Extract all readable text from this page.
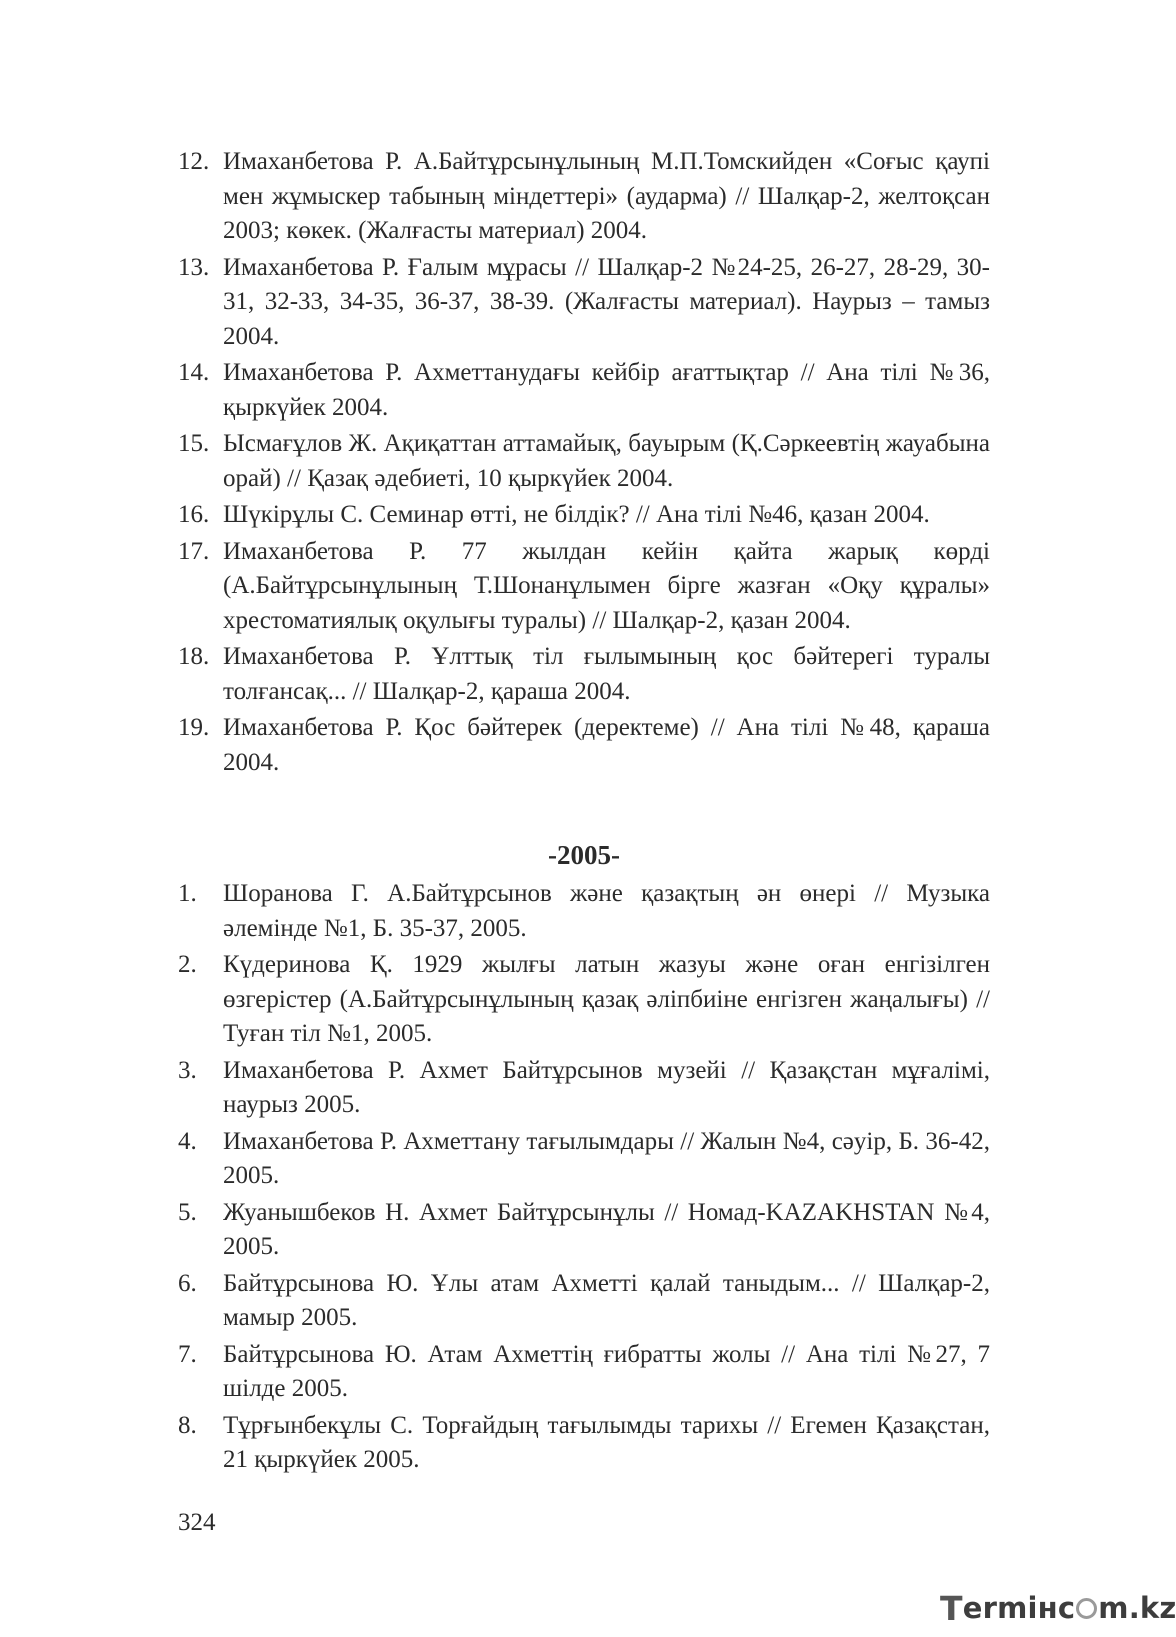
12. Имаханбетова Р. А.Байтұрсынұлының М.П.Томскийден «Соғыс қаупі мен жұмыскер табының міндеттері» (аударма) // Шалқар-2, желтоқсан 2003; көкек. (Жалғасты материал) 2004.
13. Имаханбетова Р. Ғалым мұрасы // Шалқар-2 №24-25, 26-27, 28-29, 30-31, 32-33, 34-35, 36-37, 38-39. (Жалғасты материал). Наурыз – тамыз 2004.
14. Имаханбетова Р. Ахметтанудағы кейбір ағаттықтар // Ана тілі №36, қыркүйек 2004.
15. Ысмағұлов Ж. Ақиқаттан аттамайық, бауырым (Қ.Сәркеевтің жауабына орай) // Қазақ әдебиеті, 10 қыркүйек 2004.
16. Шүкірұлы С. Семинар өтті, не білдік? // Ана тілі №46, қазан 2004.
17. Имаханбетова Р. 77 жылдан кейін қайта жарық көрді (А.Байтұрсынұлының Т.Шонанұлымен бірге жазған «Оқу құралы» хрестоматиялық оқулығы туралы) // Шалқар-2, қазан 2004.
18. Имаханбетова Р. Ұлттық тіл ғылымының қос бәйтерегі туралы толғансақ... // Шалқар-2, қараша 2004.
19. Имаханбетова Р. Қос бәйтерек (деректеме) // Ана тілі №48, қараша 2004.
-2005-
1. Шоранова Г. А.Байтұрсынов және қазақтың ән өнері // Музыка әлемінде №1, Б. 35-37, 2005.
2. Күдеринова Қ. 1929 жылғы латын жазуы және оған енгізілген өзгерістер (А.Байтұрсынұлының қазақ әліпбиіне енгізген жаңалығы) // Туған тіл №1, 2005.
3. Имаханбетова Р. Ахмет Байтұрсынов музейі // Қазақстан мұғалімі, наурыз 2005.
4. Имаханбетова Р. Ахметтану тағылымдары // Жалын №4, сәуір, Б. 36-42, 2005.
5. Жуанышбеков Н. Ахмет Байтұрсынұлы // Номад-KAZAKHSTAN №4, 2005.
6. Байтұрсынова Ю. Ұлы атам Ахметті қалай таныдым... // Шалқар-2, мамыр 2005.
7. Байтұрсынова Ю. Атам Ахметтің ғибратты жолы // Ана тілі №27, 7 шілде 2005.
8. Тұрғынбекұлы С. Торғайдың тағылымды тарихы // Егемен Қазақстан, 21 қыркүйек 2005.
324
T ermінс m.kz
